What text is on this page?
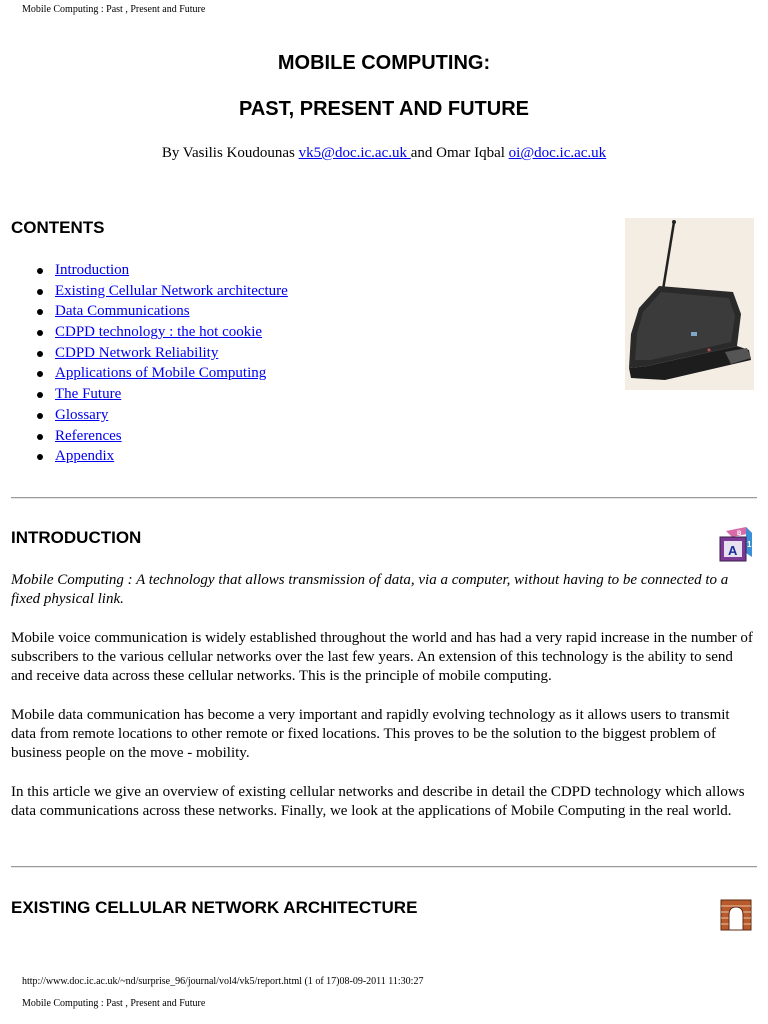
Mobile Computing : Past , Present and Future
MOBILE COMPUTING:
PAST, PRESENT AND FUTURE
By Vasilis Koudounas vk5@doc.ic.ac.uk and Omar Iqbal oi@doc.ic.ac.uk
CONTENTS
Introduction
Existing Cellular Network architecture
Data Communications
CDPD technology : the hot cookie
CDPD Network Reliability
Applications of Mobile Computing
The Future
Glossary
References
Appendix
INTRODUCTION	B
1
A

Mobile Computing : A technology that allows transmission of data, via a computer, without having to be connected to a fixed physical link.

Mobile voice communication is widely established throughout the world and has had a very rapid increase in the number of subscribers to the various cellular networks over the last few years. An extension of this technology is the ability to send and receive data across these cellular networks. This is the principle of mobile computing.

Mobile data communication has become a very important and rapidly evolving technology as it allows users to transmit data from remote locations to other remote or fixed locations. This proves to be the solution to the biggest problem of business people on the move - mobility.

In this article we give an overview of existing cellular networks and describe in detail the CDPD technology which allows data communications across these networks. Finally, we look at the applications of Mobile Computing in the real world.

EXISTING CELLULAR NETWORK ARCHITECTURE
http://www.doc.ic.ac.uk/~nd/surprise_96/journal/vol4/vk5/report.html (1 of 17)08-09-2011 11:30:27
Mobile Computing : Past , Present and Future
